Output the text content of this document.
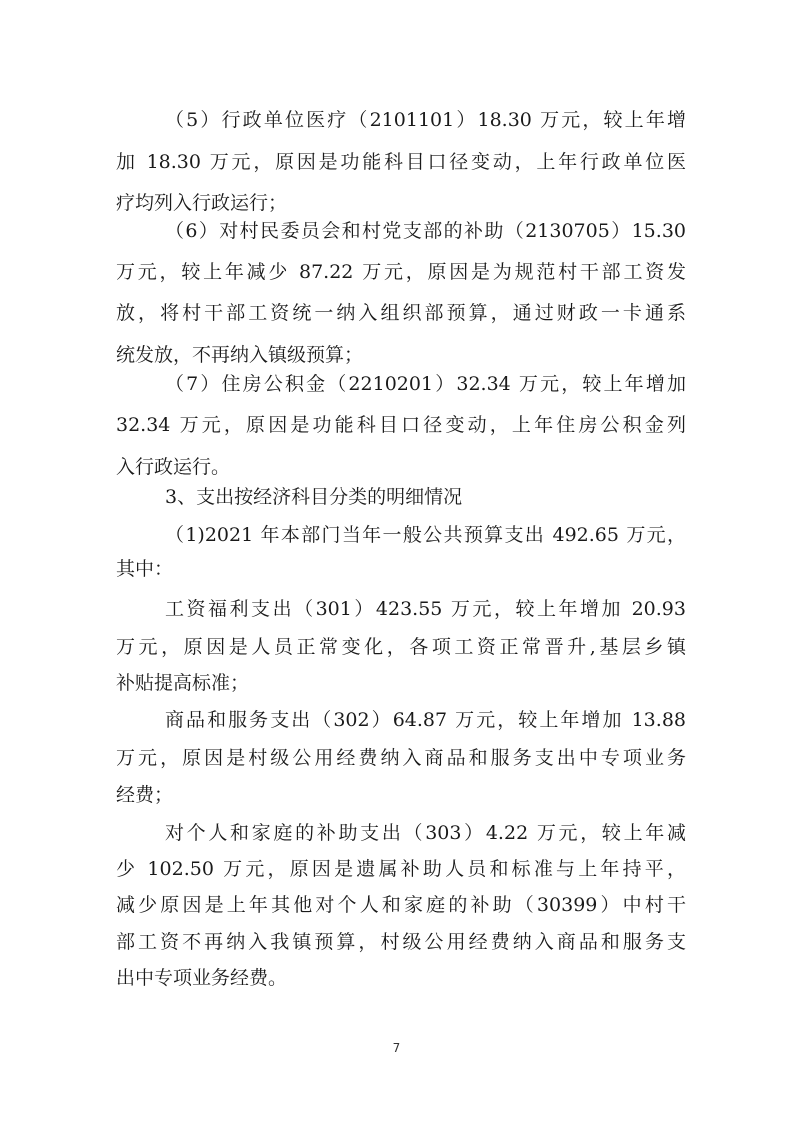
（5）行政单位医疗（2101101）18.30 万元，较上年增
加 18.30 万元，原因是功能科目口径变动，上年行政单位医
疗均列入行政运行；
（6）对村民委员会和村党支部的补助（2130705）15.30
万元，较上年减少 87.22 万元，原因是为规范村干部工资发
放，将村干部工资统一纳入组织部预算，通过财政一卡通系
统发放，不再纳入镇级预算；
（7）住房公积金（2210201）32.34 万元，较上年增加
32.34 万元，原因是功能科目口径变动，上年住房公积金列
入行政运行。
3、支出按经济科目分类的明细情况
（1)2021 年本部门当年一般公共预算支出 492.65 万元，
其中：
工资福利支出（301）423.55 万元，较上年增加 20.93
万元，原因是人员正常变化，各项工资正常晋升,基层乡镇
补贴提高标准；
商品和服务支出（302）64.87 万元，较上年增加 13.88
万元，原因是村级公用经费纳入商品和服务支出中专项业务
经费；
对个人和家庭的补助支出（303）4.22 万元，较上年减
少 102.50 万元，原因是遗属补助人员和标准与上年持平，
减少原因是上年其他对个人和家庭的补助（30399）中村干
部工资不再纳入我镇预算，村级公用经费纳入商品和服务支
出中专项业务经费。
7
